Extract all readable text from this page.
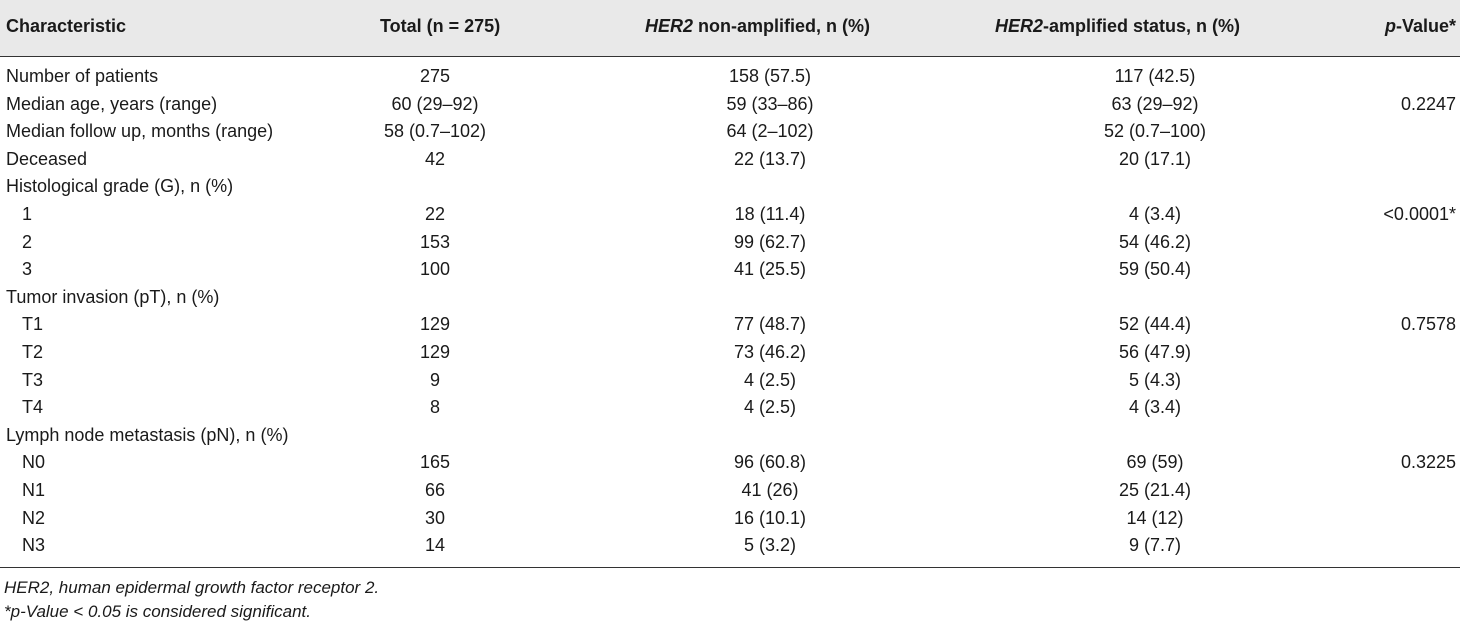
Characteristic	Total (n = 275)	HER2 non-amplified, n (%)	HER2-amplified status, n (%)	p-Value*
Number of patients	275	158 (57.5)	117 (42.5)
Median age, years (range)	60 (29–92)	59 (33–86)	63 (29–92)	0.2247
Median follow up, months (range)	58 (0.7–102)	64 (2–102)	52 (0.7–100)
Deceased	42	22 (13.7)	20 (17.1)
Histological grade (G), n (%)
1	22	18 (11.4)	4 (3.4)	<0.0001*
2	153	99 (62.7)	54 (46.2)
3	100	41 (25.5)	59 (50.4)
Tumor invasion (pT), n (%)
T1	129	77 (48.7)	52 (44.4)	0.7578
T2	129	73 (46.2)	56 (47.9)
T3	9	4 (2.5)	5 (4.3)
T4	8	4 (2.5)	4 (3.4)
Lymph node metastasis (pN), n (%)
N0	165	96 (60.8)	69 (59)	0.3225
N1	66	41 (26)	25 (21.4)
N2	30	16 (10.1)	14 (12)
N3	14	5 (3.2)	9 (7.7)
HER2, human epidermal growth factor receptor 2.
*p-Value < 0.05 is considered significant.
